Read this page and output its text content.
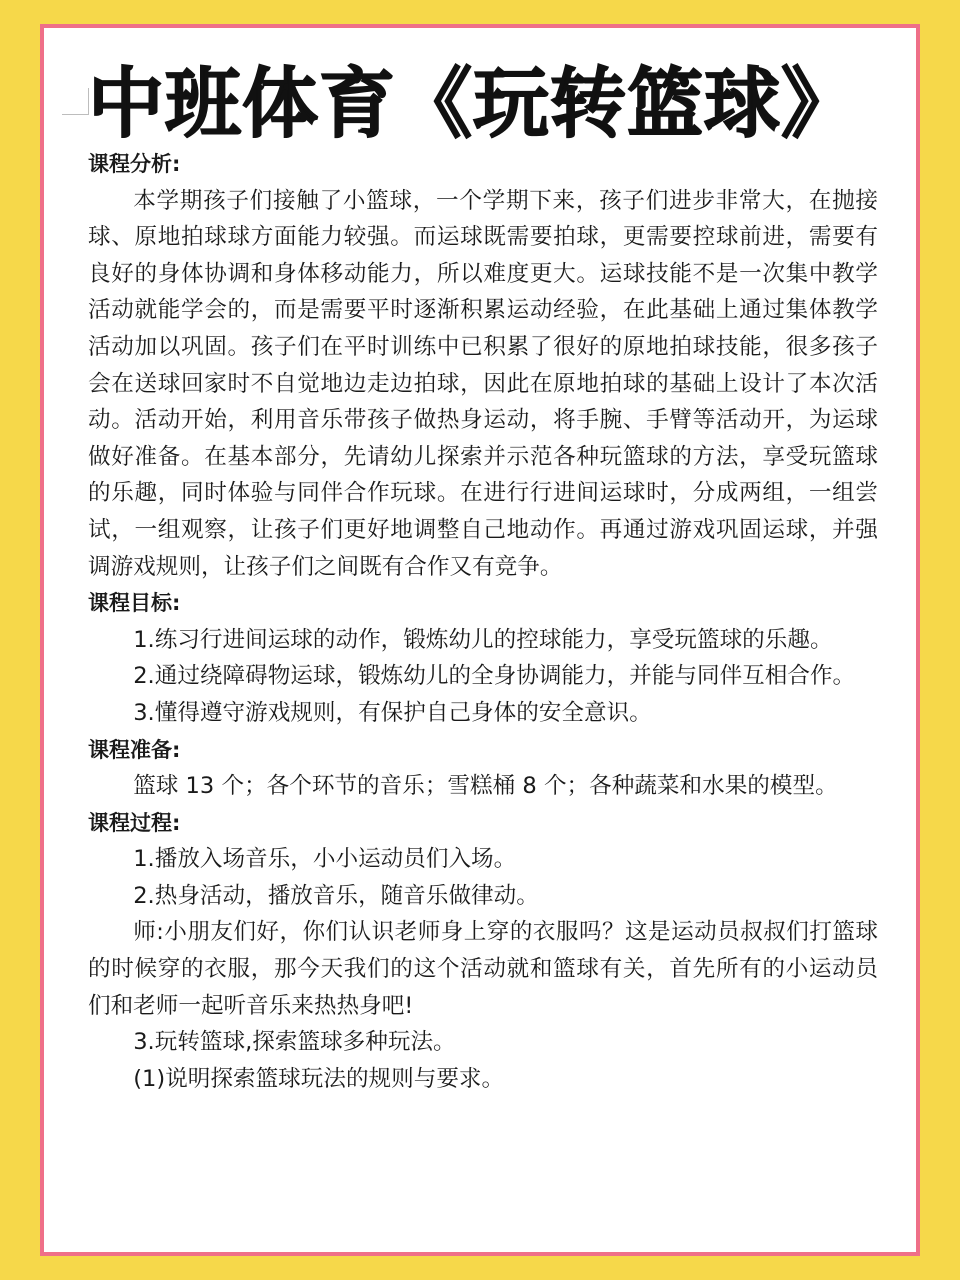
中班体育《玩转篮球》

课程分析:

本学期孩子们接触了小篮球，一个学期下来，孩子们进步非常大，在抛接球、原地拍球球方面能力较强。而运球既需要拍球，更需要控球前进，需要有良好的身体协调和身体移动能力，所以难度更大。运球技能不是一次集中教学活动就能学会的，而是需要平时逐渐积累运动经验，在此基础上通过集体教学活动加以巩固。孩子们在平时训练中已积累了很好的原地拍球技能，很多孩子会在送球回家时不自觉地边走边拍球，因此在原地拍球的基础上设计了本次活动。活动开始，利用音乐带孩子做热身运动，将手腕、手臂等活动开，为运球做好准备。在基本部分，先请幼儿探索并示范各种玩篮球的方法，享受玩篮球的乐趣，同时体验与同伴合作玩球。在进行行进间运球时，分成两组，一组尝试，一组观察，让孩子们更好地调整自己地动作。再通过游戏巩固运球，并强调游戏规则，让孩子们之间既有合作又有竞争。

课程目标:

1.练习行进间运球的动作，锻炼幼儿的控球能力，享受玩篮球的乐趣。

2.通过绕障碍物运球，锻炼幼儿的全身协调能力，并能与同伴互相合作。

3.懂得遵守游戏规则，有保护自己身体的安全意识。

课程准备:

篮球 13 个；各个环节的音乐；雪糕桶 8 个；各种蔬菜和水果的模型。

课程过程:

1.播放入场音乐，小小运动员们入场。

2.热身活动，播放音乐，随音乐做律动。

师:小朋友们好，你们认识老师身上穿的衣服吗？这是运动员叔叔们打篮球的时候穿的衣服，那今天我们的这个活动就和篮球有关，首先所有的小运动员们和老师一起听音乐来热热身吧!

3.玩转篮球,探索篮球多种玩法。

(1)说明探索篮球玩法的规则与要求。
